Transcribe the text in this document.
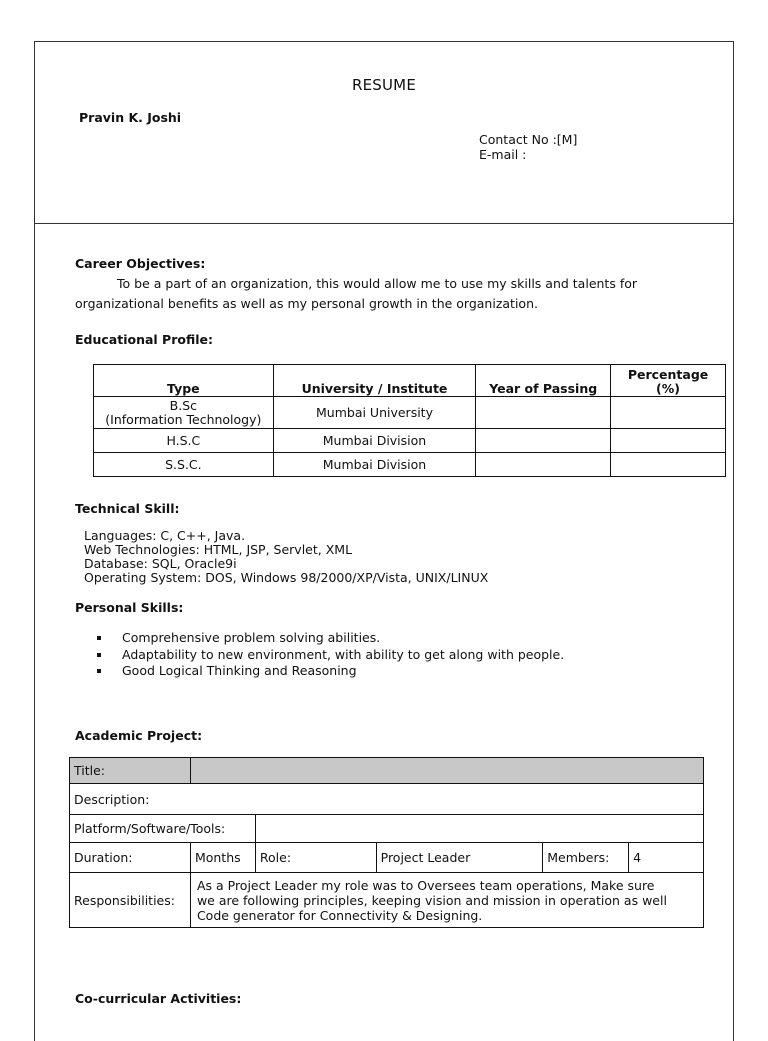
RESUME
Pravin K. Joshi
Contact No :[M]
E-mail :
Career Objectives:
To be a part of an organization, this would allow me to use my skills and talents for
organizational benefits as well as my personal growth in the organization.
Educational Profile:
Type	University / Institute	Year of Passing	Percentage
(%)

B.Sc
(Information Technology)	Mumbai University		
H.S.C	Mumbai Division		
S.S.C.	Mumbai Division		
Technical Skill:
Languages: C, C++, Java.
Web Technologies: HTML, JSP, Servlet, XML
Database: SQL, Oracle9i
Operating System: DOS, Windows 98/2000/XP/Vista, UNIX/LINUX
Personal Skills:
Comprehensive problem solving abilities.
Adaptability to new environment, with ability to get along with people.
Good Logical Thinking and Reasoning
Academic Project:
Title:					
Description:					
Platform/Software/Tools:					
Duration:	Months	Role:	Project Leader	Members:	4
Responsibilities:	As a Project Leader my role was to Oversees team operations, Make sure
we are following principles, keeping vision and mission in operation as well
Code generator for Connectivity & Designing.				
Co-curricular Activities:
